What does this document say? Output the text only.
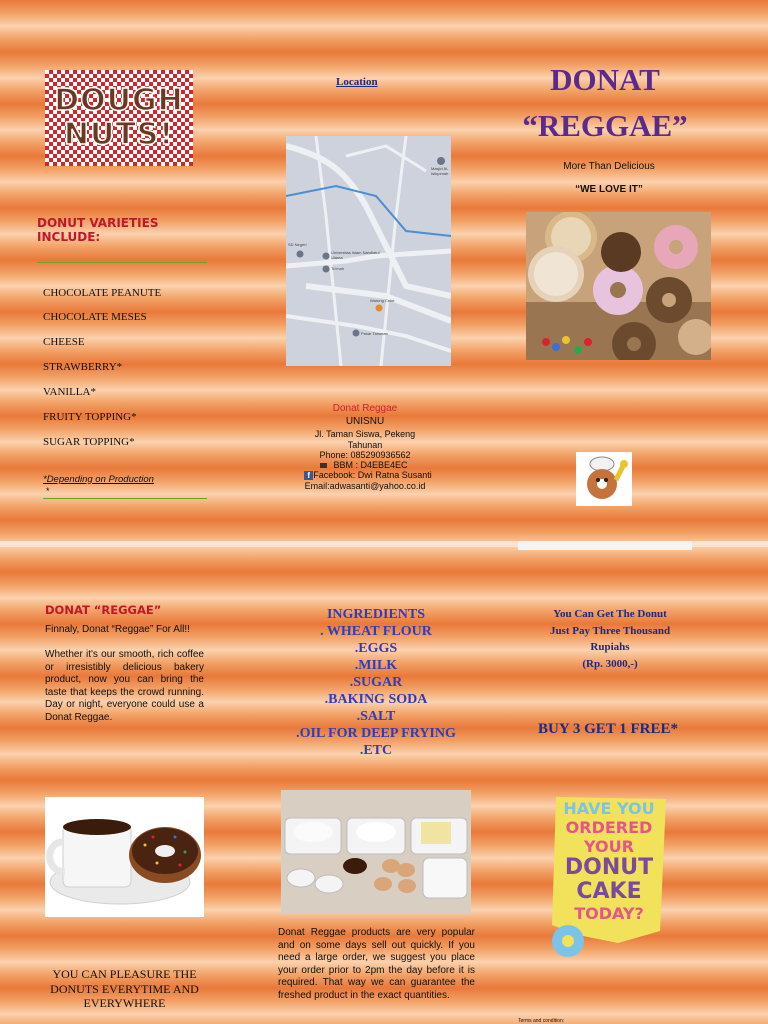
DOUGH
NUTS!
DONUT VARIETIES
INCLUDE:
CHOCOLATE PEANUTE
CHOCOLATE MESES
CHEESE
STRAWBERRY*
VANILLA*
FRUITY TOPPING*
SUGAR TOPPING*
*Depending on Production
*
Location
Masjid Al-Istiqomah
SD Negeri
Universitas Islam Nahdlatul Ulama
Tu'mah
Warung Cebe
Pasar Tahunan
Donat Reggae
UNISNU
Jl. Taman Siswa, Pekeng
Tahunan
Phone: 085290936562
BBM : D4EBE4EC
f Facebook: Dwi Ratna Susanti
Email:adwasanti@yahoo.co.id
DONAT
“REGGAE”
More Than Delicious
“WE LOVE IT”
DONAT “REGGAE”
Finnaly, Donat “Reggae” For All!!
Whether it's our smooth, rich coffee or irresistibly delicious bakery product, now you can bring the taste that keeps the crowd running. Day or night, everyone could use a Donat Reggae.
YOU CAN PLEASURE THE DONUTS EVERYTIME AND EVERYWHERE
INGREDIENTS
. WHEAT FLOUR
.EGGS
.MILK
.SUGAR
.BAKING SODA
.SALT
.OIL FOR DEEP FRYING
.ETC
Donat Reggae products are very popular and on some days sell out quickly. If you need a large order, we suggest you place your order prior to 2pm the day before it is required. That way we can guarantee the freshed product in the exact quantities.
You Can Get The Donut
Just Pay Three Thousand
Rupiahs
(Rp. 3000,-)
BUY 3 GET 1 FREE*
HAVE YOU
ORDERED
YOUR
DONUT
CAKE
TODAY?
Terms and condition:
